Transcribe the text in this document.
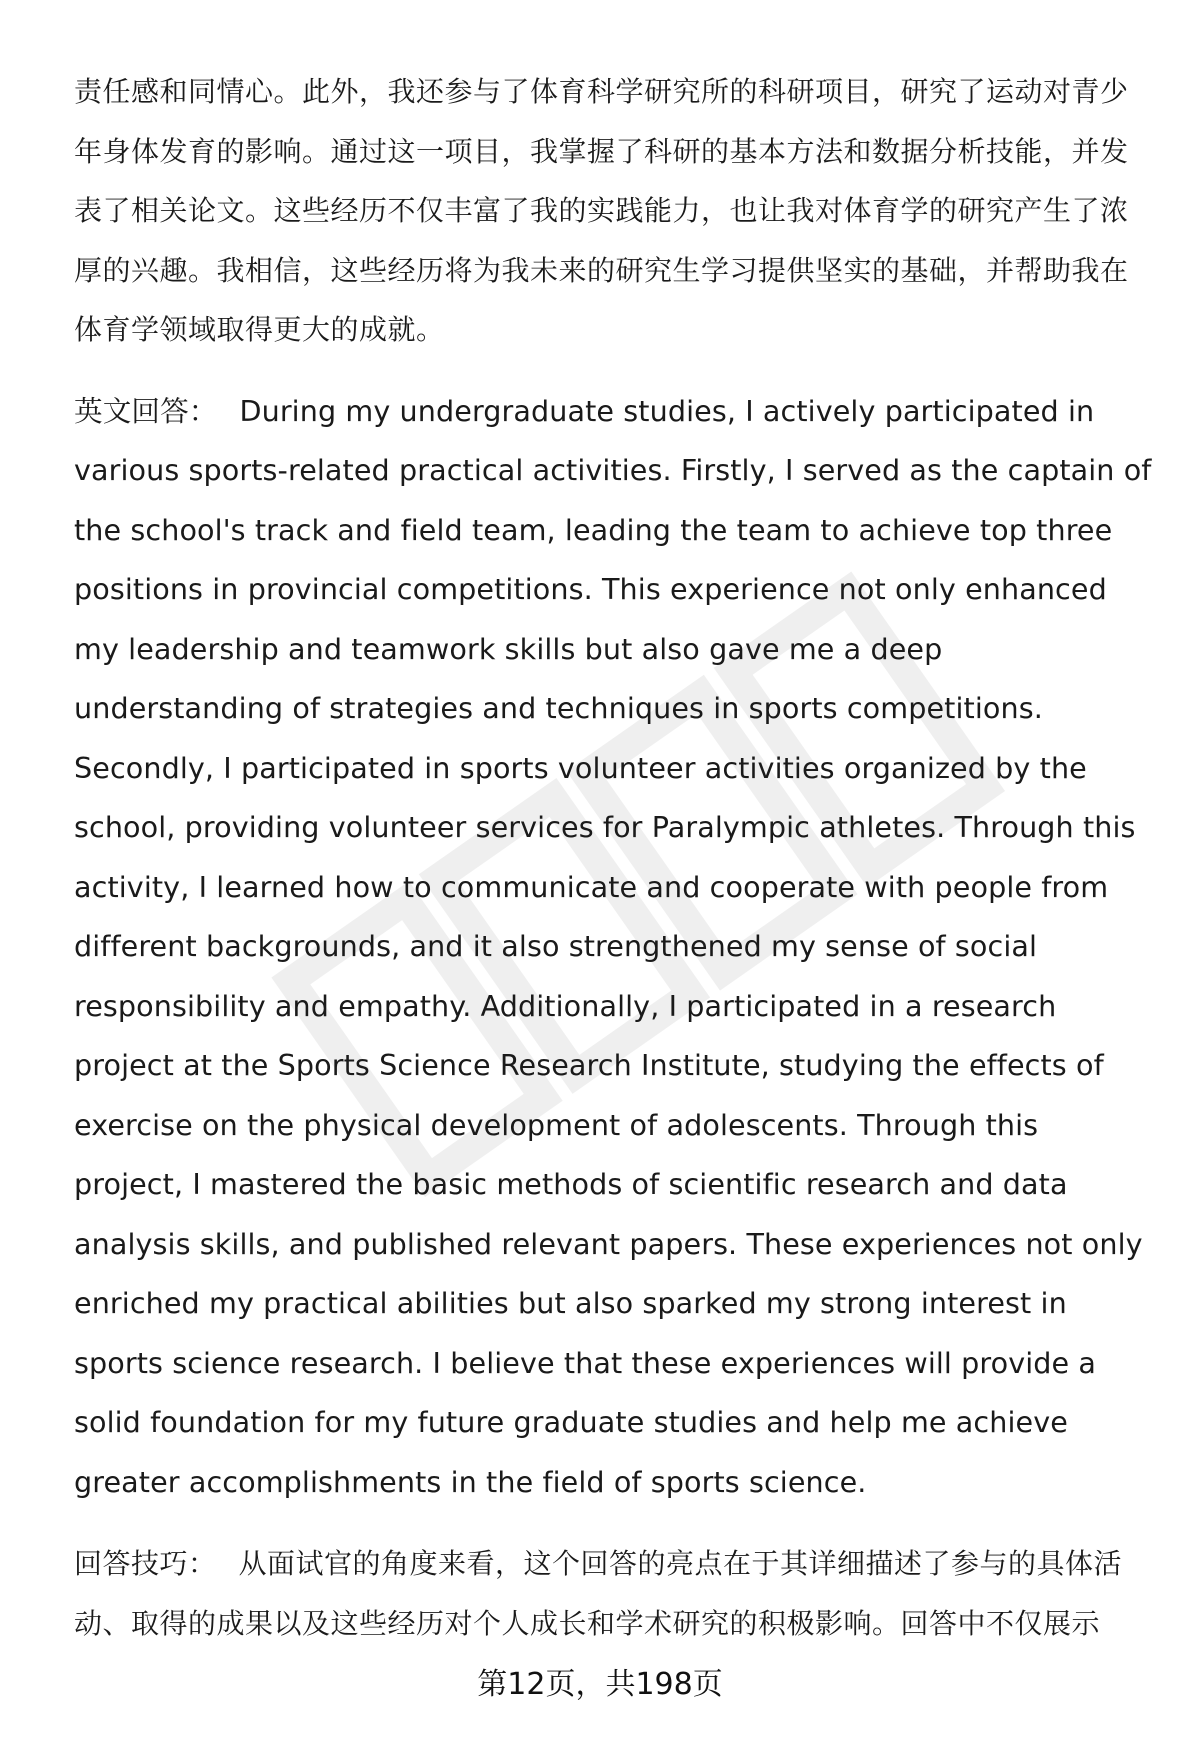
责任感和同情心。此外，我还参与了体育科学研究所的科研项目，研究了运动对青少年身体发育的影响。通过这一项目，我掌握了科研的基本方法和数据分析技能，并发表了相关论文。这些经历不仅丰富了我的实践能力，也让我对体育学的研究产生了浓厚的兴趣。我相信，这些经历将为我未来的研究生学习提供坚实的基础，并帮助我在体育学领域取得更大的成就。

英文回答： During my undergraduate studies, I actively participated in various sports-related practical activities. Firstly, I served as the captain of the school's track and field team, leading the team to achieve top three positions in provincial competitions. This experience not only enhanced my leadership and teamwork skills but also gave me a deep understanding of strategies and techniques in sports competitions. Secondly, I participated in sports volunteer activities organized by the school, providing volunteer services for Paralympic athletes. Through this activity, I learned how to communicate and cooperate with people from different backgrounds, and it also strengthened my sense of social responsibility and empathy. Additionally, I participated in a research project at the Sports Science Research Institute, studying the effects of exercise on the physical development of adolescents. Through this project, I mastered the basic methods of scientific research and data analysis skills, and published relevant papers. These experiences not only enriched my practical abilities but also sparked my strong interest in sports science research. I believe that these experiences will provide a solid foundation for my future graduate studies and help me achieve greater accomplishments in the field of sports science.

回答技巧： 从面试官的角度来看，这个回答的亮点在于其详细描述了参与的具体活动、取得的成果以及这些经历对个人成长和学术研究的积极影响。回答中不仅展示

第12页，共198页
